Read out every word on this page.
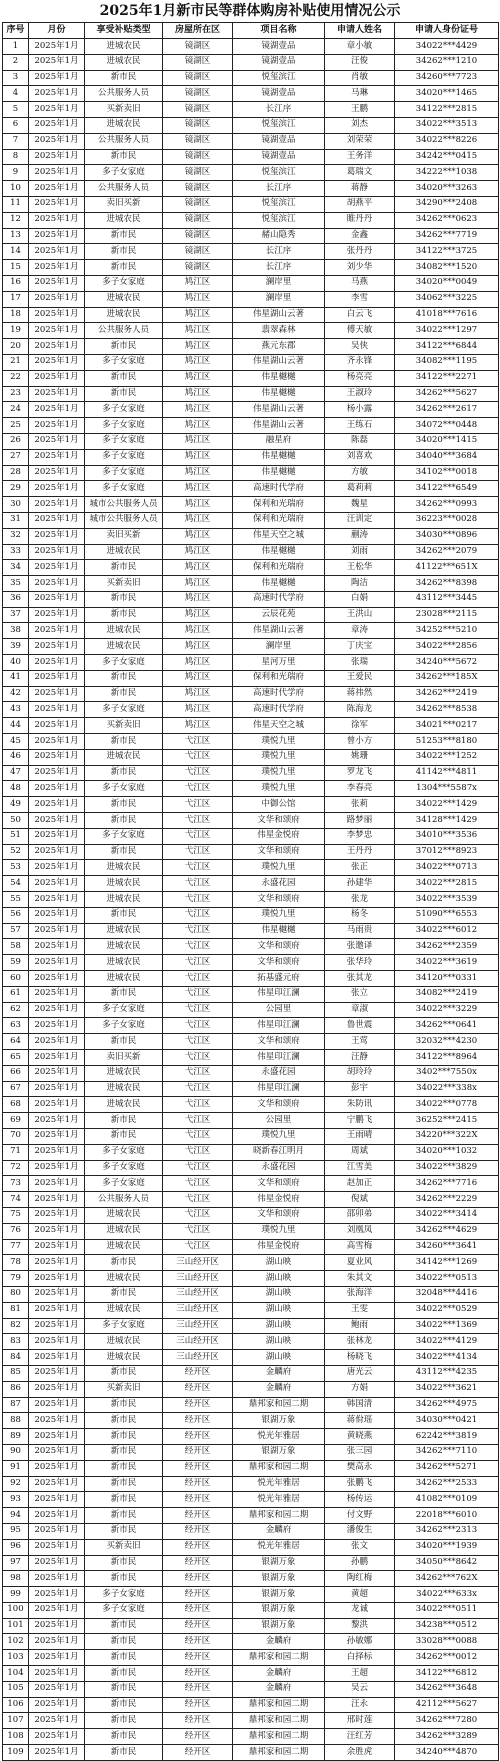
2025年1月新市民等群体购房补贴使用情况公示
序号	月份	享受补贴类型	房屋所在区	项目名称	申请人姓名	申请人身份证号
1	2025年1月	进城农民	镜湖区	镜湖壹品	章小敏	34022***4429
2	2025年1月	进城农民	镜湖区	镜湖壹品	汪俊	34262***1210
3	2025年1月	新市民	镜湖区	悦玺滨江	肖敏	34260***7723
4	2025年1月	公共服务人员	镜湖区	镜湖壹品	马琳	34020***1465
5	2025年1月	买新卖旧	镜湖区	长江序	王鹏	34122***2815
6	2025年1月	进城农民	镜湖区	悦玺滨江	刘杰	34022***3513
7	2025年1月	公共服务人员	镜湖区	镜湖壹品	刘荣荣	34022***8226
8	2025年1月	新市民	镜湖区	镜湖壹品	王务洋	34242***0415
9	2025年1月	多子女家庭	镜湖区	悦玺滨江	葛瑞文	34222***1038
10	2025年1月	公共服务人员	镜湖区	长江序	蒋静	34020***3263
11	2025年1月	卖旧买新	镜湖区	悦玺滨江	胡燕平	34290***2408
12	2025年1月	进城农民	镜湖区	悦玺滨江	睢丹丹	34262***0623
13	2025年1月	新市民	镜湖区	赭山隐秀	金鑫	34262***7719
14	2025年1月	新市民	镜湖区	长江序	张丹丹	34122***3725
15	2025年1月	新市民	镜湖区	长江序	刘少华	34082***1520
16	2025年1月	多子女家庭	鸠江区	澜岸里	马燕	34020***0049
17	2025年1月	进城农民	鸠江区	澜岸里	李雪	34062***3225
18	2025年1月	进城农民	鸠江区	伟星湖山云著	白云飞	41018***7616
19	2025年1月	公共服务人员	鸠江区	翡翠森林	傅天敏	34022***1297
20	2025年1月	新市民	鸠江区	燕元东郡	吴侠	34122***6844
21	2025年1月	多子女家庭	鸠江区	伟星湖山云著	齐永锋	34082***1195
22	2025年1月	新市民	鸠江区	伟星樾樾	杨亮亮	34122***2271
23	2025年1月	新市民	鸠江区	伟星樾樾	王淑玲	34262***5627
24	2025年1月	多子女家庭	鸠江区	伟星湖山云著	杨小露	34262***2617
25	2025年1月	多子女家庭	鸠江区	伟星湖山云著	王练石	34072***0448
26	2025年1月	多子女家庭	鸠江区	融星府	陈磊	34020***1415
27	2025年1月	多子女家庭	鸠江区	伟星樾樾	刘喜欢	34040***3684
28	2025年1月	多子女家庭	鸠江区	伟星樾樾	方敏	34102***0018
29	2025年1月	多子女家庭	鸠江区	高速时代学府	葛莉莉	34122***6549
30	2025年1月	城市公共服务人员	鸠江区	保利和光瑞府	魏星	34262***0993
31	2025年1月	城市公共服务人员	鸠江区	保利和光瑞府	汪训定	36223***0028
32	2025年1月	卖旧买新	鸠江区	伟星天空之城	蒯涛	34030***0896
33	2025年1月	进城农民	鸠江区	伟星樾樾	刘雨	34262***2079
34	2025年1月	新市民	鸠江区	保利和光瑞府	王松华	41122***651X
35	2025年1月	买新卖旧	鸠江区	伟星樾樾	陶洁	34262***8398
36	2025年1月	新市民	鸠江区	高速时代学府	白娟	43112***3445
37	2025年1月	新市民	鸠江区	云辰花苑	王洪山	23028***2115
38	2025年1月	进城农民	鸠江区	伟星湖山云著	章涛	34252***5210
39	2025年1月	进城农民	鸠江区	澜岸里	丁庆宝	34022***2856
40	2025年1月	多子女家庭	鸠江区	星河万里	张瑞	34240***5672
41	2025年1月	新市民	鸠江区	保利和光瑞府	王爱民	34262***185X
42	2025年1月	新市民	鸠江区	高速时代学府	蒋祎然	34262***2419
43	2025年1月	多子女家庭	鸠江区	高速时代学府	陈海龙	34262***8538
44	2025年1月	买新卖旧	鸠江区	伟星天空之城	徐军	34021***0217
45	2025年1月	新市民	弋江区	璞悦九里	曾小方	51253***8180
46	2025年1月	进城农民	弋江区	璞悦九里	姚珊	34022***1252
47	2025年1月	新市民	弋江区	璞悦九里	罗龙飞	41142***4811
48	2025年1月	多子女家庭	弋江区	璞悦九里	李春亮	1304***5587x
49	2025年1月	新市民	弋江区	中御公馆	张莉	34022***1429
50	2025年1月	新市民	弋江区	文华和颂府	路梦丽	34128***1429
51	2025年1月	多子女家庭	弋江区	伟星金悦府	李梦忠	34010***3536
52	2025年1月	新市民	弋江区	文华和颂府	王丹丹	37012***8923
53	2025年1月	进城农民	弋江区	璞悦九里	张正	34022***0713
54	2025年1月	进城农民	弋江区	永盛花园	孙建华	34022***2815
55	2025年1月	进城农民	弋江区	文华和颂府	张龙	34022***3539
56	2025年1月	新市民	弋江区	璞悦九里	杨冬	51090***6553
57	2025年1月	进城农民	弋江区	伟星樾樾	马雨贵	34022***6012
58	2025年1月	进城农民	弋江区	文华和颂府	张邀译	34262***2359
59	2025年1月	进城农民	弋江区	文华和颂府	张华玲	34022***3619
60	2025年1月	进城农民	弋江区	拓基盛元府	张其龙	34120***0331
61	2025年1月	新市民	弋江区	伟星印江澜	张立	34082***2419
62	2025年1月	多子女家庭	弋江区	公园里	章淑	34022***3229
63	2025年1月	多子女家庭	弋江区	伟星印江澜	鲁世震	34262***0641
64	2025年1月	新市民	弋江区	文华和颂府	王莺	32032***4230
65	2025年1月	卖旧买新	弋江区	伟星印江澜	汪静	34122***8964
66	2025年1月	进城农民	弋江区	永盛花园	胡玲玲	3402***7550x
67	2025年1月	进城农民	弋江区	伟星印江澜	彭宇	34022***338x
68	2025年1月	进城农民	弋江区	文华和颂府	朱防讯	34022***0778
69	2025年1月	新市民	弋江区	公园里	宁鹏飞	36252***2415
70	2025年1月	新市民	弋江区	璞悦九里	王雨晴	34220***322X
71	2025年1月	多子女家庭	弋江区	晓新春江明月	周斌	34020***1032
72	2025年1月	多子女家庭	弋江区	永盛花园	江雪美	34022***3829
73	2025年1月	多子女家庭	弋江区	文华和颂府	赵加正	34262***7716
74	2025年1月	公共服务人员	弋江区	伟星金悦府	倪斌	34262***2229
75	2025年1月	进城农民	弋江区	文华和颂府	邵卯弟	34022***3414
76	2025年1月	进城农民	弋江区	璞悦九里	刘凰凤	34262***4629
77	2025年1月	进城农民	弋江区	伟星金悦府	高雪梅	34260***3641
78	2025年1月	新市民	三山经开区	湖山映	夏业风	34142***1269
79	2025年1月	进城农民	三山经开区	湖山映	朱其文	34022***0513
80	2025年1月	新市民	三山经开区	湖山映	张海洋	32048***4416
81	2025年1月	进城农民	三山经开区	湖山映	王雯	34022***0529
82	2025年1月	多子女家庭	三山经开区	湖山映	鲍雨	34022***1369
83	2025年1月	进城农民	三山经开区	湖山映	张林龙	34022***4129
84	2025年1月	进城农民	三山经开区	湖山映	杨晓飞	34022***4134
85	2025年1月	新市民	经开区	金麟府	唐光云	43112***4235
86	2025年1月	买新卖旧	经开区	金麟府	方娟	34022***3621
87	2025年1月	新市民	经开区	鼎邦家和园二期	韩国清	34262***4975
88	2025年1月	新市民	经开区	银湖万象	蒋佾瑶	34030***0421
89	2025年1月	新市民	经开区	悦光年雅居	黄晓燕	62242***3819
90	2025年1月	新市民	经开区	银湖万象	张三园	34262***7110
91	2025年1月	新市民	经开区	鼎邦家和园二期	樊高永	34262***5271
92	2025年1月	新市民	经开区	悦光年雅居	张鹏飞	34262***2533
93	2025年1月	新市民	经开区	悦光年雅居	杨传运	41082***0109
94	2025年1月	新市民	经开区	鼎邦家和园二期	付文野	22018***6010
95	2025年1月	新市民	经开区	金麟府	潘俊生	34262***2313
96	2025年1月	买新卖旧	经开区	悦光年雅居	张文	34020***1939
97	2025年1月	新市民	经开区	银湖万象	孙鹏	34050***8642
98	2025年1月	新市民	经开区	银湖万象	陶红梅	34262***762X
99	2025年1月	多子女家庭	经开区	银湖万象	黄超	34022***633x
100	2025年1月	多子女家庭	经开区	银湖万象	龙诚	34022***0511
101	2025年1月	新市民	经开区	银湖万象	黎洪	34238***0512
102	2025年1月	新市民	经开区	金麟府	孙敏娜	33028***0088
103	2025年1月	新市民	经开区	鼎邦家和园二期	白择标	34262***0012
104	2025年1月	新市民	经开区	金麟府	王超	34122***6812
105	2025年1月	新市民	经开区	金麟府	吴云	34262***3648
106	2025年1月	新市民	经开区	鼎邦家和园二期	汪永	42112***5627
107	2025年1月	新市民	经开区	鼎邦家和园二期	邢时莲	34262***7280
108	2025年1月	新市民	经开区	鼎邦家和园二期	汪红芳	34262***3289
109	2025年1月	新市民	经开区	鼎邦家和园二期	余胜虎	34240***4870
